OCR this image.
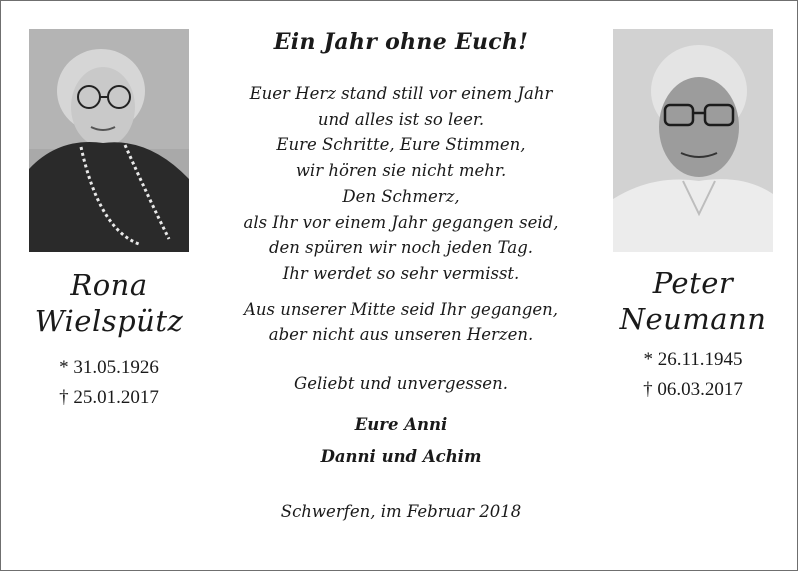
Rona
Wielspütz
* 31.05.1926
† 25.01.2017
Peter
Neumann
* 26.11.1945
† 06.03.2017
Ein Jahr ohne Euch!
Euer Herz stand still vor einem Jahr
und alles ist so leer.
Eure Schritte, Eure Stimmen,
wir hören sie nicht mehr.
Den Schmerz,
als Ihr vor einem Jahr gegangen seid,
den spüren wir noch jeden Tag.
Ihr werdet so sehr vermisst.
Aus unserer Mitte seid Ihr gegangen,
aber nicht aus unseren Herzen.
Geliebt und unvergessen.
Eure Anni
Danni und Achim
Schwerfen, im Februar 2018
